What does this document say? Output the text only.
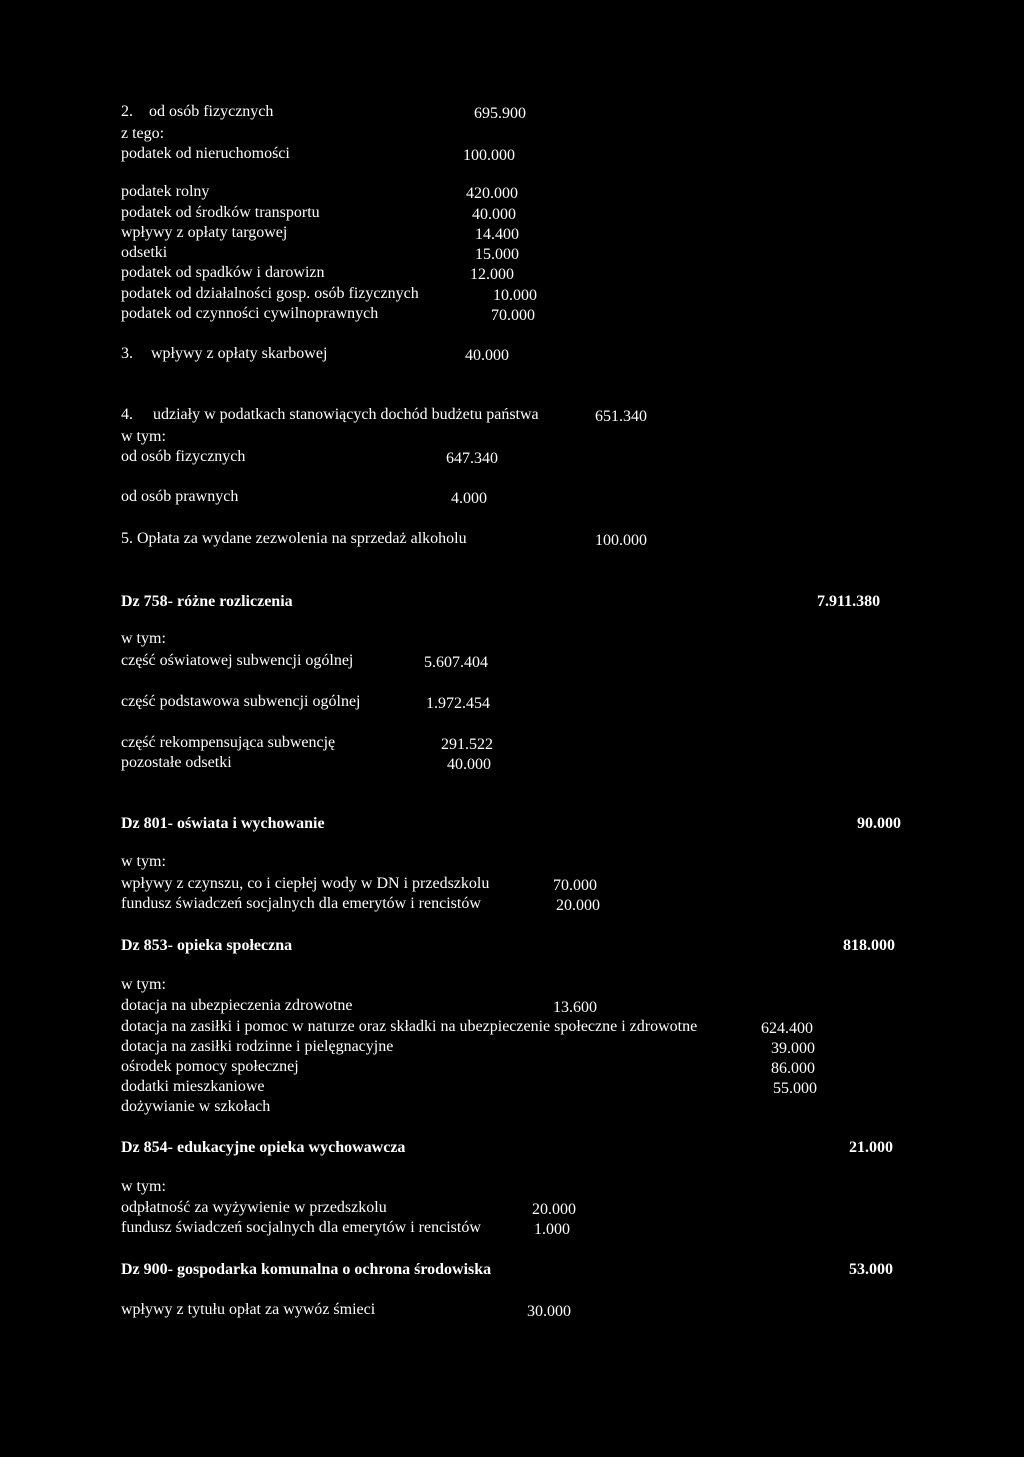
2. od osób fizycznych	695.900
z tego:
podatek od nieruchomości	100.000
podatek rolny	420.000
podatek od środków transportu	40.000
wpływy z opłaty targowej	14.400
odsetki	15.000
podatek od spadków i darowizn	12.000
podatek od działalności gosp. osób fizycznych	10.000
podatek od czynności cywilnoprawnych	70.000
3. wpływy z opłaty skarbowej	40.000
4. udziały w podatkach stanowiących dochód budżetu państwa	651.340
w tym:
od osób fizycznych	647.340
od osób prawnych	4.000
5. Opłata za wydane zezwolenia na sprzedaż alkoholu	100.000
Dz 758- różne rozliczenia	7.911.380
w tym:
część oświatowej subwencji ogólnej	5.607.404
część podstawowa subwencji ogólnej	1.972.454
część rekompensująca subwencję	291.522
pozostałe odsetki	40.000
Dz 801- oświata i wychowanie	90.000
w tym:
wpływy z czynszu, co i ciepłej wody w DN i przedszkolu	70.000
fundusz świadczeń socjalnych dla emerytów i rencistów	20.000
Dz 853- opieka społeczna	818.000
w tym:
dotacja na ubezpieczenia zdrowotne	13.600
dotacja na zasiłki i pomoc w naturze oraz składki na ubezpieczenie społeczne i zdrowotne	624.400
dotacja na zasiłki rodzinne i pielęgnacyjne	39.000
ośrodek pomocy społecznej	86.000
dodatki mieszkaniowe	55.000
dożywianie w szkołach
Dz 854- edukacyjne opieka wychowawcza	21.000
w tym:
odpłatność za wyżywienie w przedszkolu	20.000
fundusz świadczeń socjalnych dla emerytów i rencistów	1.000
Dz 900- gospodarka komunalna o ochrona środowiska	53.000
wpływy z tytułu opłat za wywóz śmieci	30.000
